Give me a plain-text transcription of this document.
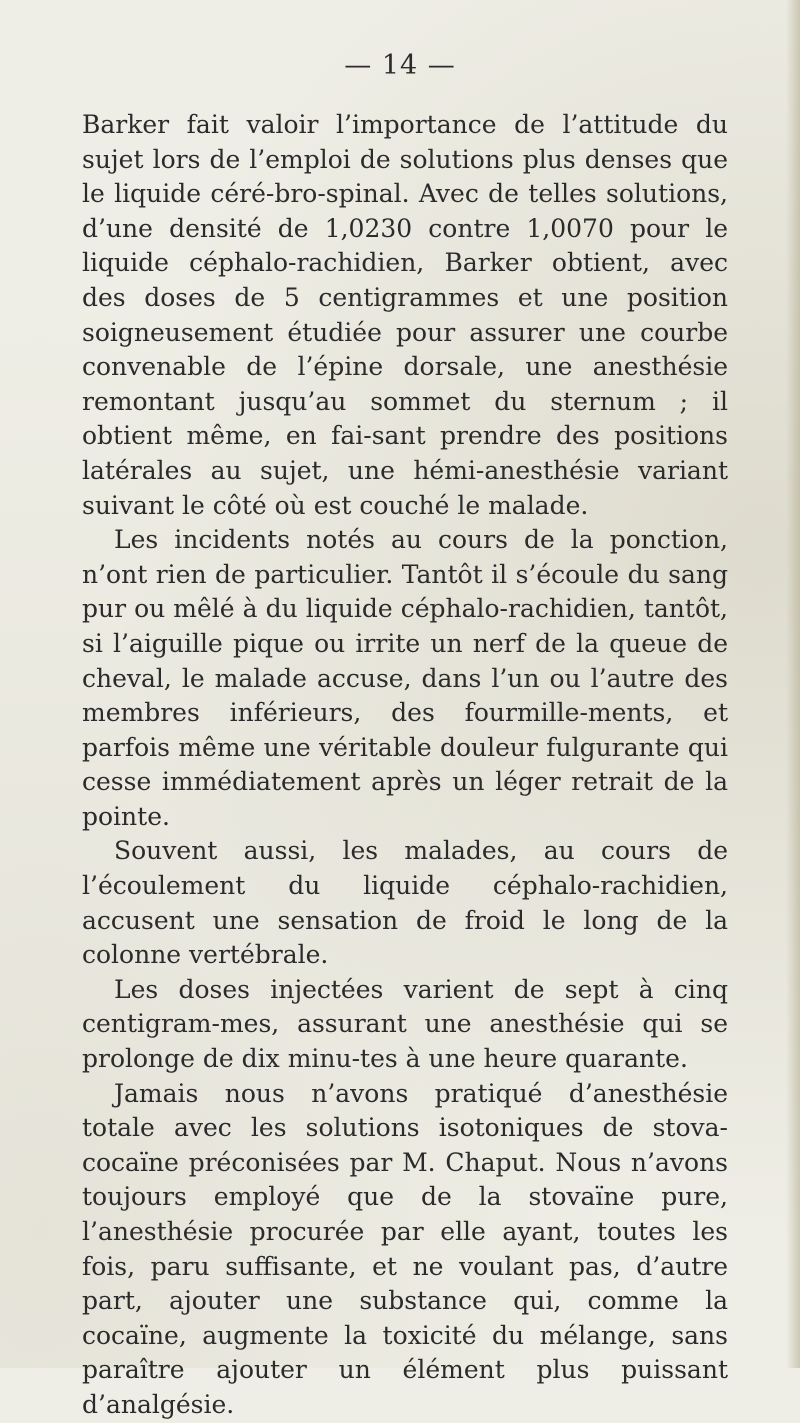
— 14 —

Barker fait valoir l’importance de l’attitude du sujet lors de l’emploi de solutions plus denses que le liquide céré-bro-spinal. Avec de telles solutions, d’une densité de 1,0230 contre 1,0070 pour le liquide céphalo-rachidien, Barker obtient, avec des doses de 5 centigrammes et une position soigneusement étudiée pour assurer une courbe convenable de l’épine dorsale, une anesthésie remontant jusqu’au sommet du sternum ; il obtient même, en fai-sant prendre des positions latérales au sujet, une hémi-anesthésie variant suivant le côté où est couché le malade.

Les incidents notés au cours de la ponction, n’ont rien de particulier. Tantôt il s’écoule du sang pur ou mêlé à du liquide céphalo-rachidien, tantôt, si l’aiguille pique ou irrite un nerf de la queue de cheval, le malade accuse, dans l’un ou l’autre des membres inférieurs, des fourmille-ments, et parfois même une véritable douleur fulgurante qui cesse immédiatement après un léger retrait de la pointe.

Souvent aussi, les malades, au cours de l’écoulement du liquide céphalo-rachidien, accusent une sensation de froid le long de la colonne vertébrale.

Les doses injectées varient de sept à cinq centigram-mes, assurant une anesthésie qui se prolonge de dix minu-tes à une heure quarante.

Jamais nous n’avons pratiqué d’anesthésie totale avec les solutions isotoniques de stova-cocaïne préconisées par M. Chaput. Nous n’avons toujours employé que de la stovaïne pure, l’anesthésie procurée par elle ayant, toutes les fois, paru suffisante, et ne voulant pas, d’autre part, ajouter une substance qui, comme la cocaïne, augmente la toxicité du mélange, sans paraître ajouter un élément plus puissant d’analgésie.
